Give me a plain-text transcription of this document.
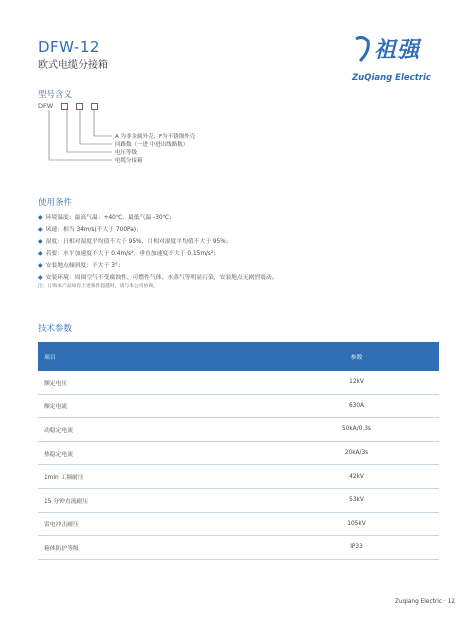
DFW-12
欧式电缆分接箱
祖强
ZuQiang Electric
型号含义
DFW
A 为非金属外壳、F为不锈钢外壳
回路数（一进 中进出线路数）
电压等级
电缆分接箱
使用条件
◆ 环境温度：最高气温：+40℃，最低气温 -30℃；
◆ 风速：相当 34m/s(不大于 700Pa)；
◆ 湿度：日相对湿度平均值不大于 95%，月相对湿度平均值不大于 95%；
◆ 若要：水平加速度不大于 0.4m/s²，垂直加速度不大于 0.15m/s²；
◆ 安装地点倾斜度：不大于 3°；
◆ 安装环境：周围空气不受腐蚀性、可燃性气体、水蒸气等明显污染，安装地点无剧烈震动。
注：订购本产品如有上述条件超越时，请与本公司协商。
技术参数
项目	参数
额定电压	12kV
额定电流	630A
动稳定电流	50kA/0.3s
热稳定电流	20kA/3s
1min 工频耐压	42kV
15 分钟直流耐压	53kV
雷电冲击耐压	105kV
箱体防护等级	IP33
Zuqiang Electric · 12
